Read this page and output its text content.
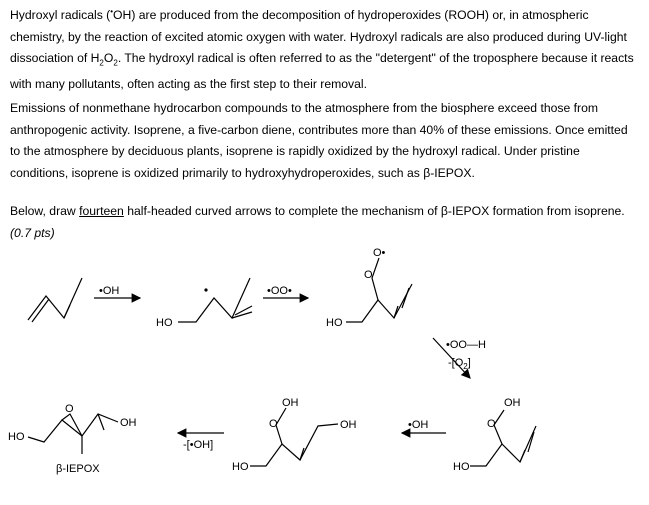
Hydroxyl radicals (•OH) are produced from the decomposition of hydroperoxides (ROOH) or, in atmospheric chemistry, by the reaction of excited atomic oxygen with water. Hydroxyl radicals are also produced during UV-light dissociation of $H_2O_2$. The hydroxyl radical is often referred to as the "detergent" of the troposphere because it reacts with many pollutants, often acting as the first step to their removal.

Emissions of nonmethane hydrocarbon compounds to the atmosphere from the biosphere exceed those from anthropogenic activity. Isoprene, a five-carbon diene, contributes more than 40% of these emissions. Once emitted to the atmosphere by deciduous plants, isoprene is rapidly oxidized by the hydroxyl radical. Under pristine conditions, isoprene is oxidized primarily to hydroxyhydroperoxides, such as β-IEPOX.

Below, draw fourteen half-headed curved arrows to complete the mechanism of β-IEPOX formation from isoprene. (0.7 pts)

•OH	•OO•
HO	HO
O•
O
•OO—H
$-[O_2]$
OH
O
HO
•OH
OH
O	OH
HO
-[•OH]
O
OH
HO
β-IEPOX
